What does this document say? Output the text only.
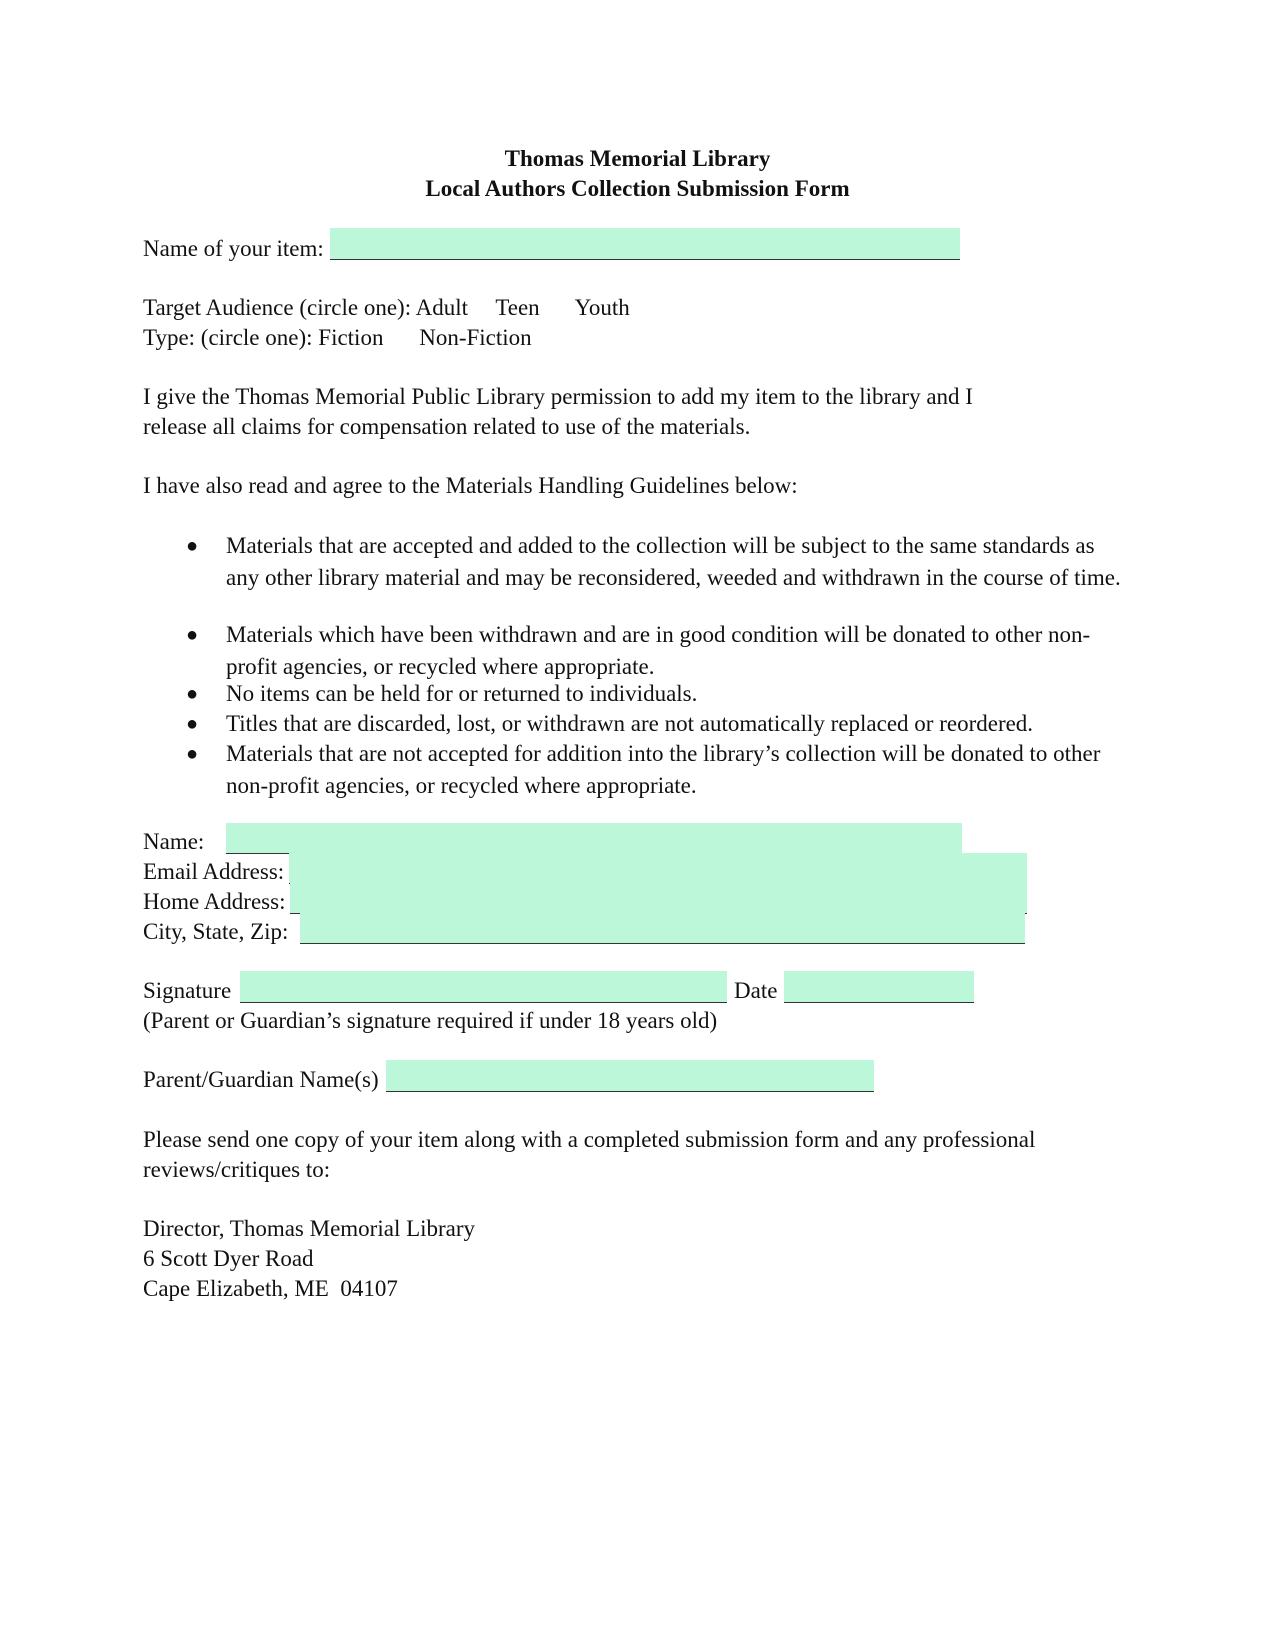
Thomas Memorial Library
Local Authors Collection Submission Form
Name of your item:
Target Audience (circle one): Adult Teen Youth
Type: (circle one): Fiction Non-Fiction
I give the Thomas Memorial Public Library permission to add my item to the library and I
release all claims for compensation related to use of the materials.
I have also read and agree to the Materials Handling Guidelines below:
● Materials that are accepted and added to the collection will be subject to the same standards as any other library material and may be reconsidered, weeded and withdrawn in the course of time.
● Materials which have been withdrawn and are in good condition will be donated to other non-profit agencies, or recycled where appropriate.
● No items can be held for or returned to individuals.
● Titles that are discarded, lost, or withdrawn are not automatically replaced or reordered.
● Materials that are not accepted for addition into the library’s collection will be donated to other non-profit agencies, or recycled where appropriate.
Name:
Email Address:
Home Address:
City, State, Zip:
Signature	Date
(Parent or Guardian’s signature required if under 18 years old)
Parent/Guardian Name(s)
Please send one copy of your item along with a completed submission form and any professional
reviews/critiques to:
Director, Thomas Memorial Library
6 Scott Dyer Road
Cape Elizabeth, ME  04107
